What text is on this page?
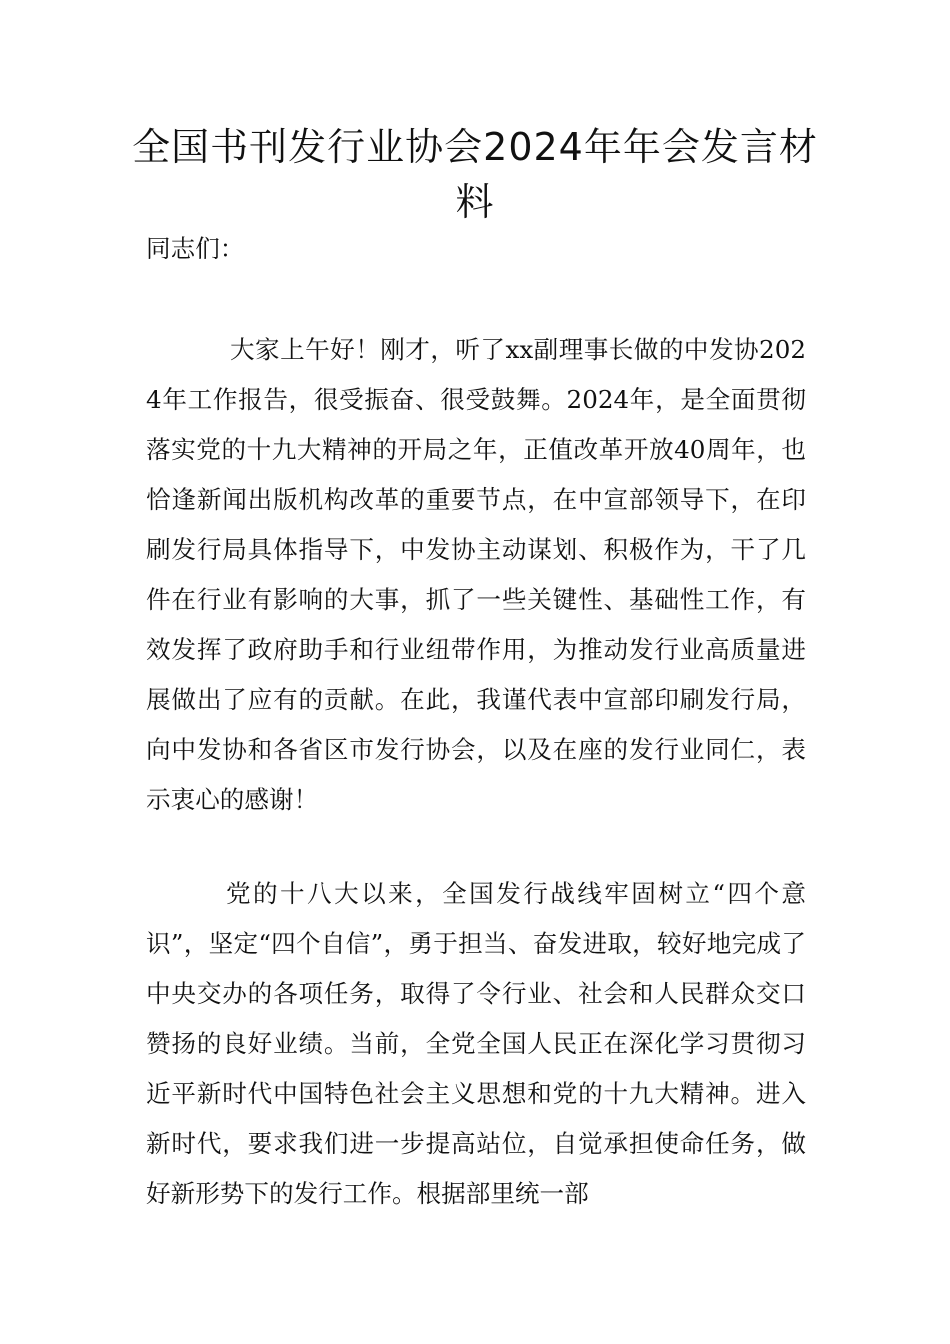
全国书刊发行业协会2024年年会发言材料

同志们：

大家上午好！刚才，听了xx副理事长做的中发协2024年工作报告，很受振奋、很受鼓舞。2024年，是全面贯彻落实党的十九大精神的开局之年，正值改革开放40周年，也恰逢新闻出版机构改革的重要节点，在中宣部领导下，在印刷发行局具体指导下，中发协主动谋划、积极作为，干了几件在行业有影响的大事，抓了一些关键性、基础性工作，有效发挥了政府助手和行业纽带作用，为推动发行业高质量进展做出了应有的贡献。在此，我谨代表中宣部印刷发行局，向中发协和各省区市发行协会，以及在座的发行业同仁，表示衷心的感谢！

党的十八大以来，全国发行战线牢固树立“四个意识”，坚定“四个自信”，勇于担当、奋发进取，较好地完成了中央交办的各项任务，取得了令行业、社会和人民群众交口赞扬的良好业绩。当前，全党全国人民正在深化学习贯彻习近平新时代中国特色社会主义思想和党的十九大精神。进入新时代，要求我们进一步提高站位，自觉承担使命任务，做好新形势下的发行工作。根据部里统一部
